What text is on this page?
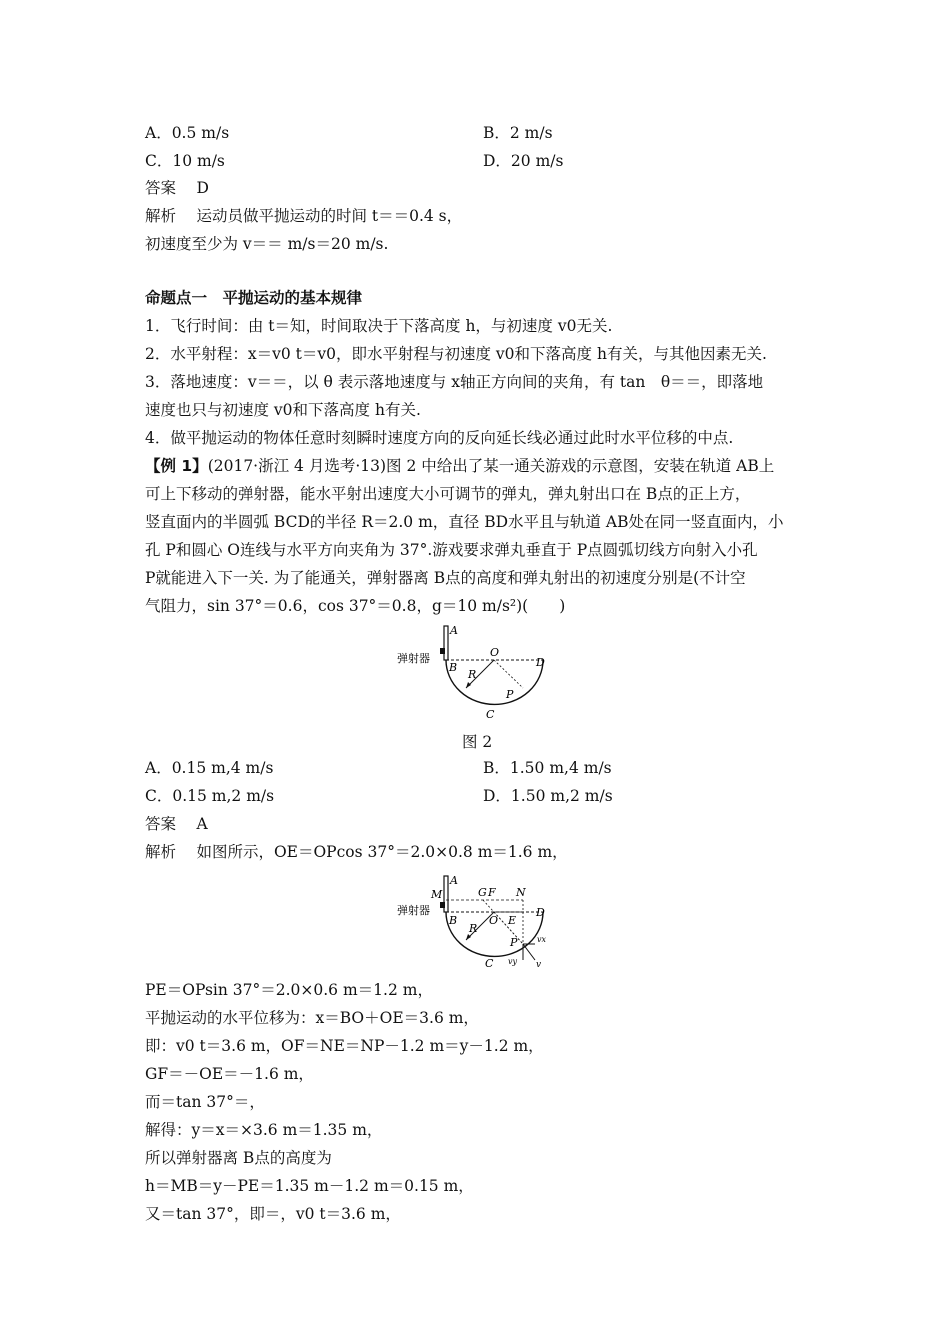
A．0.5 m/s	B．2 m/s
C．10 m/s	D．20 m/s
答案　 D
解析　 运动员做平抛运动的时间 t＝＝0.4 s，
初速度至少为 v＝＝ m/s＝20 m/s.
命题点一　平抛运动的基本规律
1．飞行时间：由 t＝知，时间取决于下落高度 h，与初速度 v0无关.
2．水平射程：x＝v0 t＝v0，即水平射程与初速度 v0和下落高度 h有关，与其他因素无关.
3．落地速度：v＝＝，以 θ 表示落地速度与 x轴正方向间的夹角，有 tan　θ＝＝，即落地
速度也只与初速度 v0和下落高度 h有关.
4．做平抛运动的物体任意时刻瞬时速度方向的反向延长线必通过此时水平位移的中点.
【例 1】(2017·浙江 4 月选考·13)图 2 中给出了某一通关游戏的示意图，安装在轨道 AB上
可上下移动的弹射器，能水平射出速度大小可调节的弹丸，弹丸射出口在 B点的正上方，
竖直面内的半圆弧 BCD的半径 R＝2.0 m，直径 BD水平且与轨道 AB处在同一竖直面内，小
孔 P和圆心 O连线与水平方向夹角为 37°.游戏要求弹丸垂直于 P点圆弧切线方向射入小孔
P就能进入下一关. 为了能通关，弹射器离 B点的高度和弹丸射出的初速度分别是(不计空
气阻力，sin 37°＝0.6，cos 37°＝0.8，g＝10 m/s²)(　　)
弹射器
A
B
O
D
R
P
C
图 2
A．0.15 m,4 m/s	B．1.50 m,4 m/s
C．0.15 m,2 m/s	D．1.50 m,2 m/s
答案　 A
解析　 如图所示，OE＝OPcos 37°＝2.0×0.8 m＝1.6 m，
弹射器
M
A
B
G F N
O E
D
R
P
C
vx
vy v
PE＝OPsin 37°＝2.0×0.6 m＝1.2 m，
平抛运动的水平位移为：x＝BO＋OE＝3.6 m，
即：v0 t＝3.6 m，OF＝NE＝NP－1.2 m＝y－1.2 m，
GF＝－OE＝－1.6 m，
而＝tan 37°＝，
解得：y＝x＝×3.6 m＝1.35 m，
所以弹射器离 B点的高度为
h＝MB＝y－PE＝1.35 m－1.2 m＝0.15 m，
又＝tan 37°，即＝，v0 t＝3.6 m，
